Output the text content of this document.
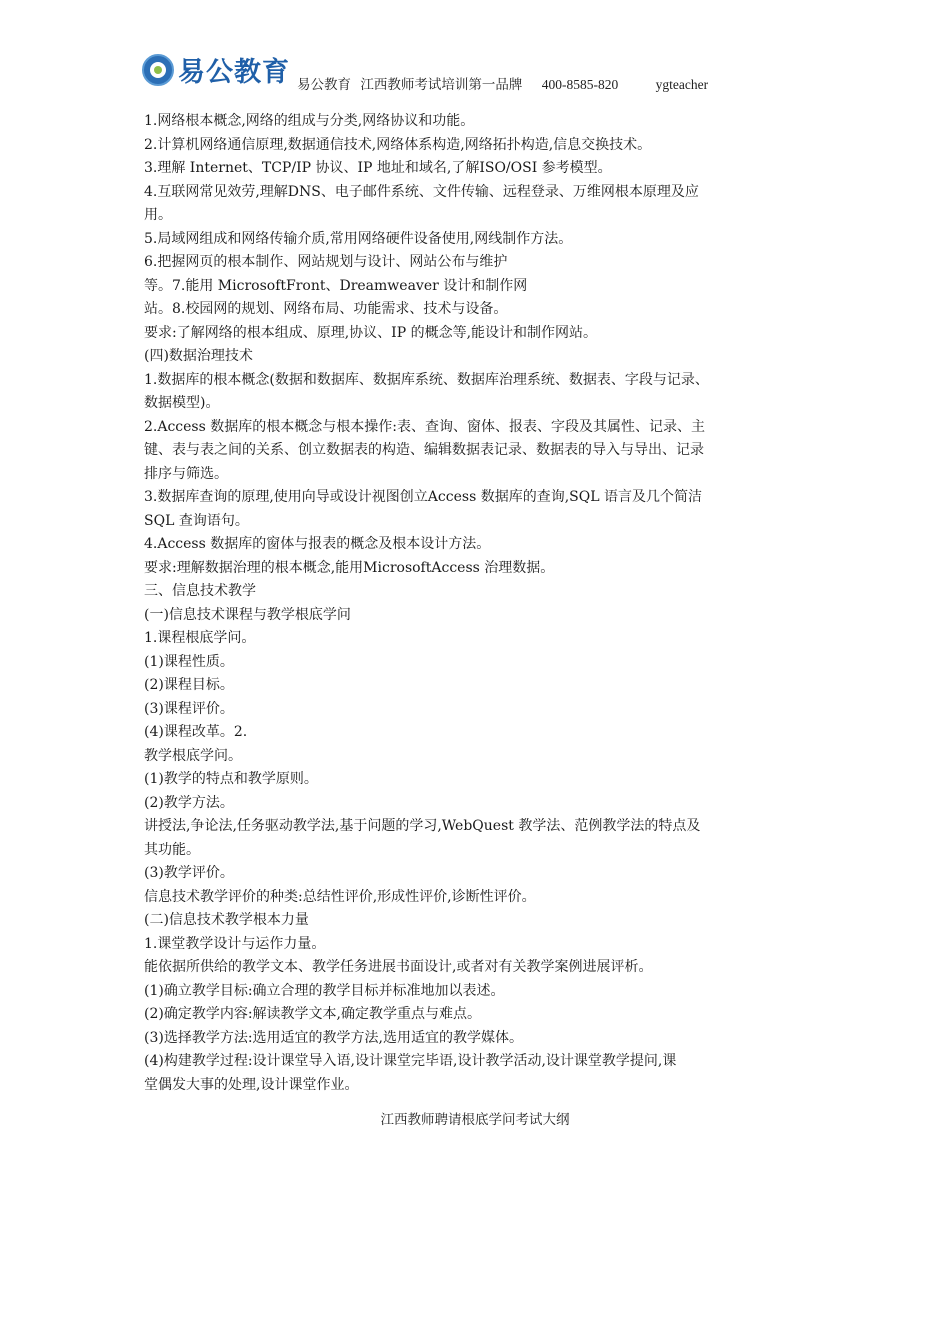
易公教育 易公教育 江西教师考试培训第一品牌 400-8585-820	ygteacher

1.网络根本概念,网络的组成与分类,网络协议和功能。

2.计算机网络通信原理,数据通信技术,网络体系构造,网络拓扑构造,信息交换技术。

3.理解 Internet、TCP/IP 协议、IP 地址和域名,了解ISO/OSI 参考模型。

4.互联网常见效劳,理解DNS、电子邮件系统、文件传输、远程登录、万维网根本原理及应

用。

5.局域网组成和网络传输介质,常用网络硬件设备使用,网线制作方法。

6.把握网页的根本制作、网站规划与设计、网站公布与维护

等。7.能用 MicrosoftFront、Dreamweaver 设计和制作网

站。8.校园网的规划、网络布局、功能需求、技术与设备。

要求:了解网络的根本组成、原理,协议、IP 的概念等,能设计和制作网站。

(四)数据治理技术

1.数据库的根本概念(数据和数据库、数据库系统、数据库治理系统、数据表、字段与记录、

数据模型)。

2.Access 数据库的根本概念与根本操作:表、查询、窗体、报表、字段及其属性、记录、主

键、表与表之间的关系、创立数据表的构造、编辑数据表记录、数据表的导入与导出、记录

排序与筛选。

3.数据库查询的原理,使用向导或设计视图创立Access 数据库的查询,SQL 语言及几个简洁

SQL 查询语句。

4.Access 数据库的窗体与报表的概念及根本设计方法。

要求:理解数据治理的根本概念,能用MicrosoftAccess 治理数据。

三、信息技术教学

(一)信息技术课程与教学根底学问

1.课程根底学问。

(1)课程性质。

(2)课程目标。

(3)课程评价。

(4)课程改革。2.

教学根底学问。

(1)教学的特点和教学原则。

(2)教学方法。

讲授法,争论法,任务驱动教学法,基于问题的学习,WebQuest 教学法、范例教学法的特点及

其功能。

(3)教学评价。

信息技术教学评价的种类:总结性评价,形成性评价,诊断性评价。

(二)信息技术教学根本力量

1.课堂教学设计与运作力量。

能依据所供给的教学文本、教学任务进展书面设计,或者对有关教学案例进展评析。

(1)确立教学目标:确立合理的教学目标并标准地加以表述。

(2)确定教学内容:解读教学文本,确定教学重点与难点。

(3)选择教学方法:选用适宜的教学方法,选用适宜的教学媒体。

(4)构建教学过程:设计课堂导入语,设计课堂完毕语,设计教学活动,设计课堂教学提问,课

堂偶发大事的处理,设计课堂作业。

江西教师聘请根底学问考试大纲
